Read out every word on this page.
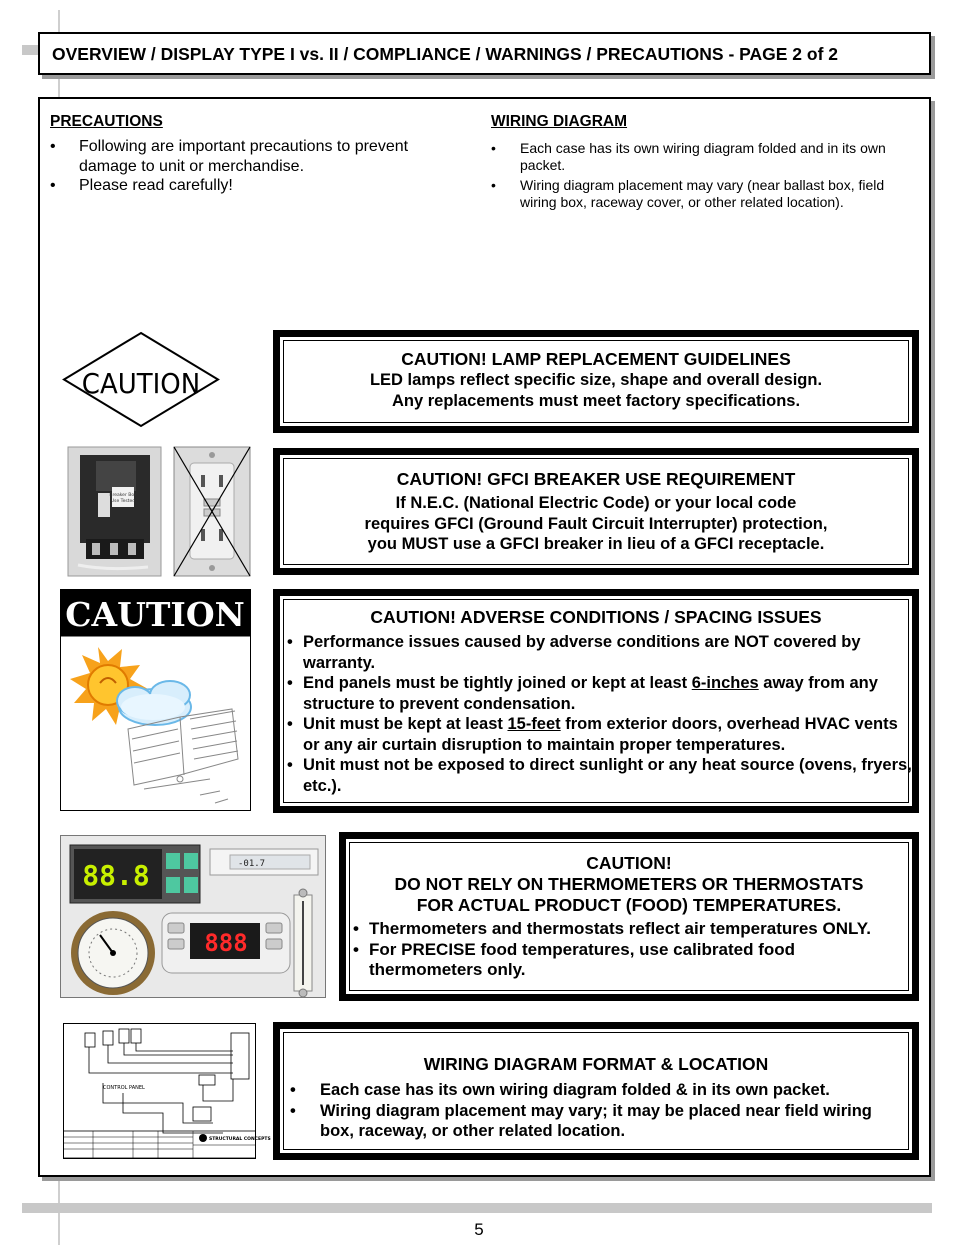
OVERVIEW / DISPLAY TYPE I vs. II / COMPLIANCE / WARNINGS / PRECAUTIONS - PAGE 2 of 2
PRECAUTIONS
• Following are important precautions to prevent damage to unit or merchandise.
• Please read carefully!
WIRING DIAGRAM
• Each case has its own wiring diagram folded and in its own packet.
• Wiring diagram placement may vary (near ballast box, field wiring box, raceway cover, or other related location).
CAUTION
CAUTION! LAMP REPLACEMENT GUIDELINES
LED lamps reflect specific size, shape and overall design.
Any replacements must meet factory specifications.
Breaker Box
Use Tested
CAUTION! GFCI BREAKER USE REQUIREMENT
If N.E.C. (National Electric Code) or your local code
requires GFCI (Ground Fault Circuit Interrupter) protection,
you MUST use a GFCI breaker in lieu of a GFCI receptacle.
CAUTION	CAUTION! ADVERSE CONDITIONS / SPACING ISSUES
• Performance issues caused by adverse conditions are NOT covered by warranty.
• End panels must be tightly joined or kept at least 6-inches away from any structure to prevent condensation.
• Unit must be kept at least 15-feet from exterior doors, overhead HVAC vents or any air curtain disruption to maintain proper temperatures.
• Unit must not be exposed to direct sunlight or any heat source (ovens, fryers, etc.).
88.8	-01.7
888
CAUTION!
DO NOT RELY ON THERMOMETERS OR THERMOSTATS
FOR ACTUAL PRODUCT (FOOD) TEMPERATURES.
• Thermometers and thermostats reflect air temperatures ONLY.
• For PRECISE food temperatures, use calibrated food thermometers only.
CONTROL PANEL
STRUCTURAL CONCEPTS
WIRING DIAGRAM FORMAT & LOCATION
• Each case has its own wiring diagram folded & in its own packet.
• Wiring diagram placement may vary; it may be placed near field wiring box, raceway, or other related location.
5
